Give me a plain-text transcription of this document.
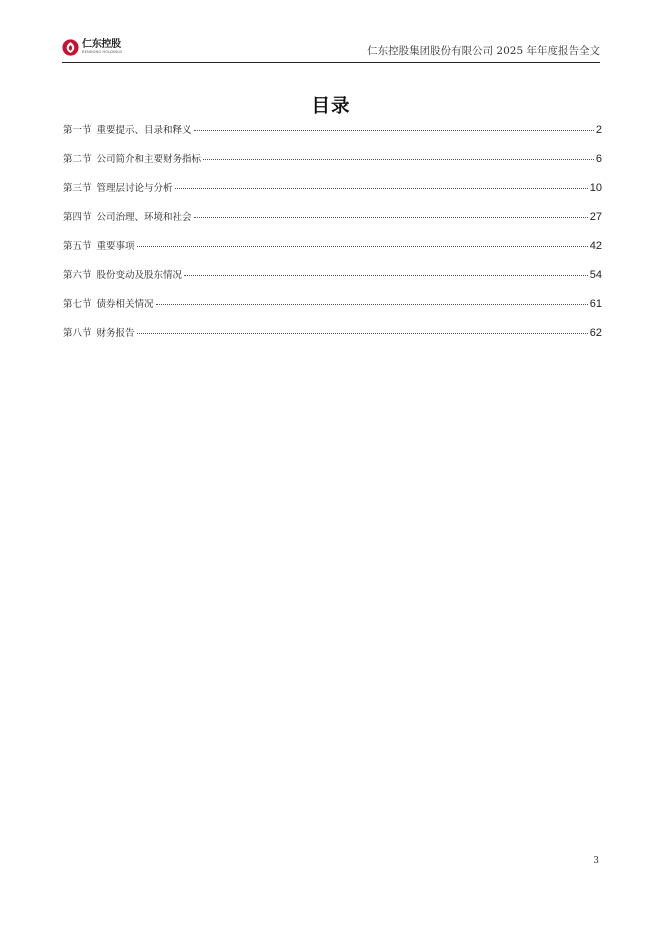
仁东控股
RENDONG HOLDINGS	仁东控股集团股份有限公司 2025 年年度报告全文
目录
第一节 重要提示、目录和释义	2
第二节 公司简介和主要财务指标	6
第三节 管理层讨论与分析	10
第四节 公司治理、环境和社会	27
第五节 重要事项	42
第六节 股份变动及股东情况	54
第七节 债券相关情况	61
第八节 财务报告	62
3
